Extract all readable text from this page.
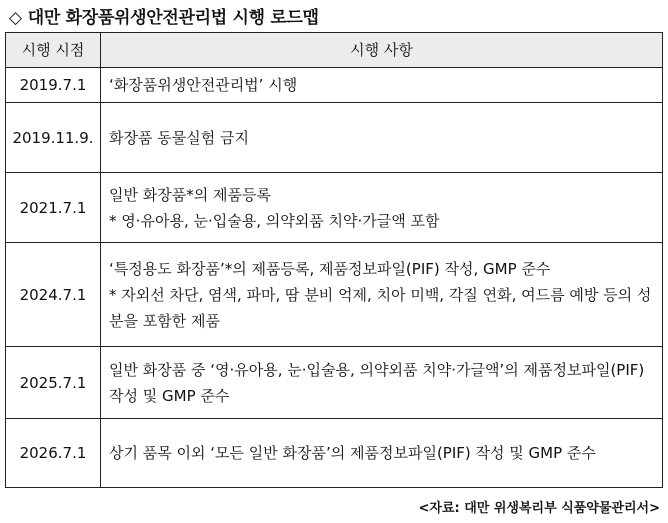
◇ 대만 화장품위생안전관리법 시행 로드맵
시행 시점	시행 사항
2019.7.1	‘화장품위생안전관리법’ 시행

2019.11.9.	화장품 동물실험 금지

2021.7.1	일반 화장품*의 제품등록
* 영·유아용, 눈·입술용, 의약외품 치약·가글액 포함

2024.7.1	‘특정용도 화장품’*의 제품등록, 제품정보파일(PIF) 작성, GMP 준수
* 자외선 차단, 염색, 파마, 땀 분비 억제, 치아 미백, 각질 연화, 여드름 예방 등의 성분을 포함한 제품

2025.7.1	일반 화장품 중 ‘영·유아용, 눈·입술용, 의약외품 치약·가글액’의 제품정보파일(PIF) 작성 및 GMP 준수

2026.7.1	상기 품목 이외 ‘모든 일반 화장품’의 제품정보파일(PIF) 작성 및 GMP 준수
<자료: 대만 위생복리부 식품약물관리서>
